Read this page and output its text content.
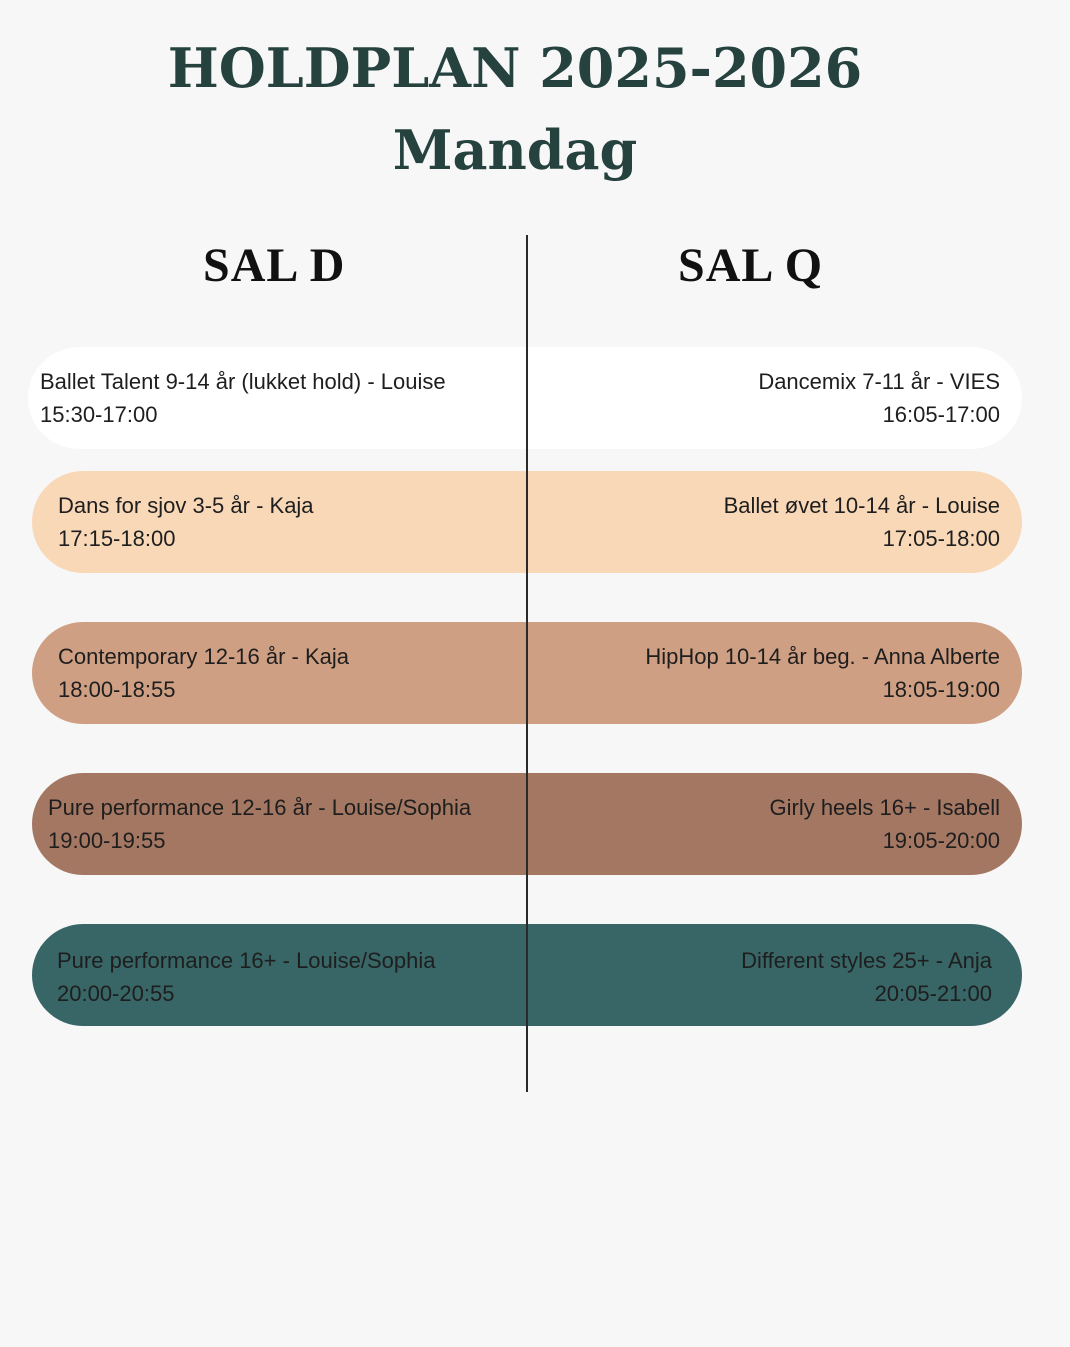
HOLDPLAN 2025-2026
Mandag
SAL D	SAL Q
Ballet Talent 9-14 år (lukket hold) - Louise
15:30-17:00
Dancemix 7-11 år - VIES
16:05-17:00
Dans for sjov 3-5 år - Kaja
17:15-18:00
Ballet øvet 10-14 år - Louise
17:05-18:00
Contemporary 12-16 år - Kaja
18:00-18:55
HipHop 10-14 år beg. - Anna Alberte
18:05-19:00
Pure performance 12-16 år - Louise/Sophia
19:00-19:55
Girly heels 16+ - Isabell
19:05-20:00
Pure performance 16+ - Louise/Sophia
20:00-20:55
Different styles 25+ - Anja
20:05-21:00
